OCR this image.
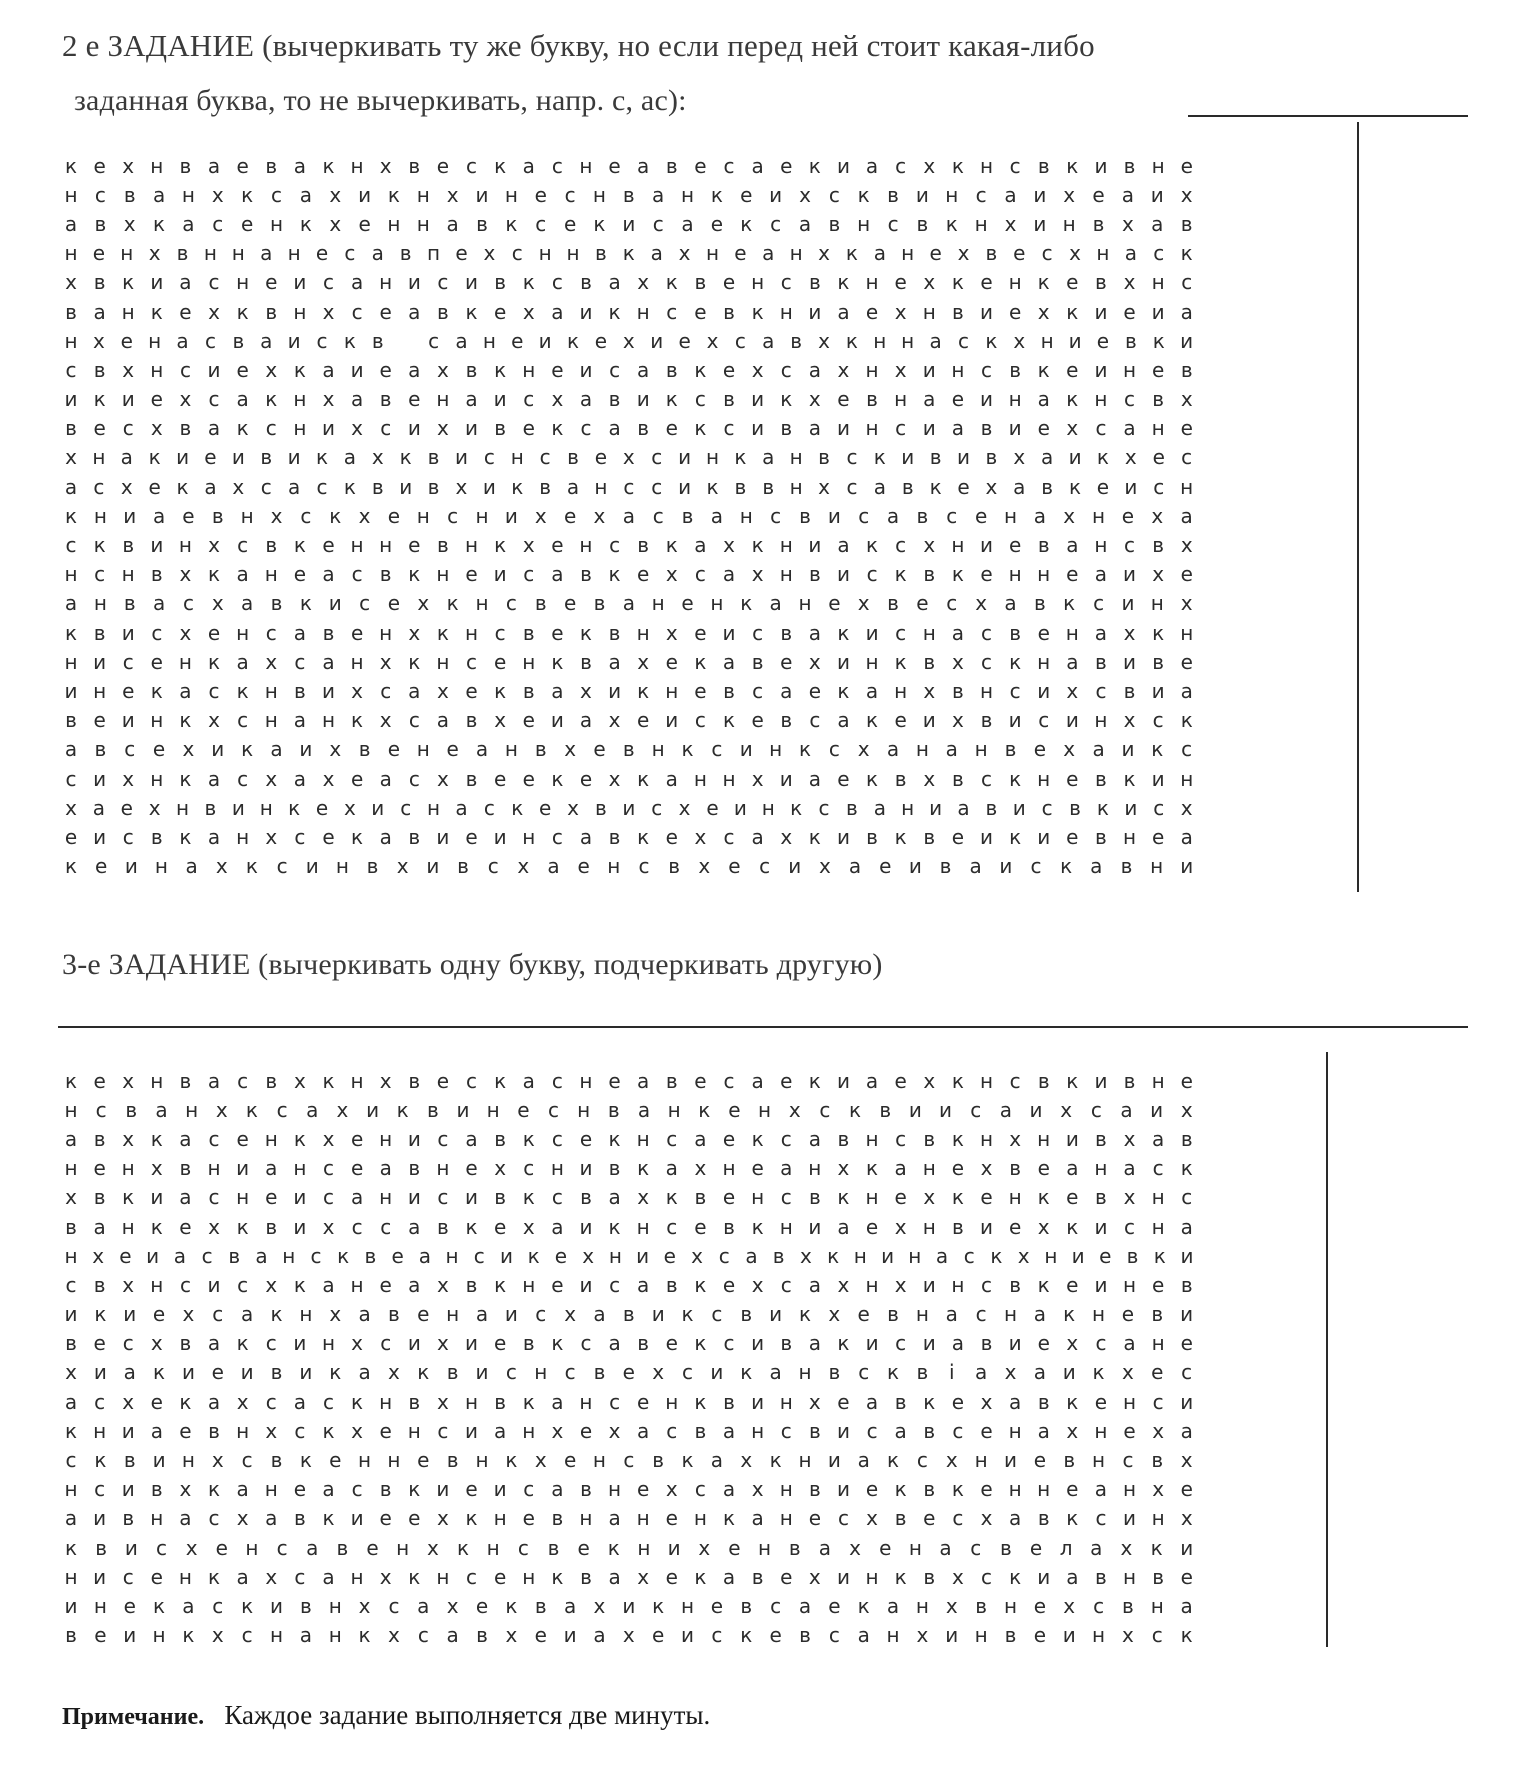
2 е ЗАДАНИЕ (вычеркивать ту же букву, но если перед ней стоит какая-либо
заданная буква, то не вычеркивать, напр. с, ас):
к е х н в а е в а к н х в е с к а с н е а в е с а е к и а с х к н с в к и в н е
н с в а н х к с а х и к н х и н е с н в а н к е и х с к в и н с а и х е а и х
а в х к а с е н к х е н н а в к с е к и с а е к с а в н с в к н х и н в х а в
н е н х в н н а н е с а в п е х с н н в к а х н е а н х к а н е х в е с х н а с к
х в к и а с н е и с а н и с и в к с в а х к в е н с в к н е х к е н к е в х н с
в а н к е х к в н х с е а в к е х а и к н с е в к н и а е х н в и е х к и е и а
н х е н а с в а и с к в	с а н е и к е х и е х с а в х к н н а с к х н и е в к и
с в х н с и е х к а и е а х в к н е и с а в к е х с а х н х и н с в к е и н е в
и к и е х с а к н х а в е н а и с х а в и к c в и к х е в н а е и н а к н с в х
в е с х в а к с н и х с и х и в е к с а в е к с и в а и н с и а в и е х с а н е
х н а к и е и в и к а х к в и с н с в е х с и н к а н в с к и в и в х а и к х е с
а с х е к а х с а с к в и в х и к в а н с с и к в в н х с а в к е х а в к е и с н
к н и а е в н х с к х е н с н и х е х а с в а н с в и с а в с е н а х н е х а
с к в и н х с в к е н н е в н к х е н с в к а х к н и а к с х н и е в а н с в х
н с н в х к а н е а с в к н е и с а в к е х с а х н в и с к в к е н н е а и х е
а н в а с х а в к и с е х к н с в е в а н е н к а н е х в е с х а в к с и н х
к в и с х е н с а в е н х к н с в е к в н х е и с в а к и с н а с в е н а х к н
н и с е н к а х с а н х к н с е н к в а х е к а в е х и н к в х с к н а в и в е
и н е к а с к н в и х с а х е к в а х и к н е в с а е к а н х в н с и х с в и а
в е и н к х с н а н к х с а в х е и а х е и с к е в с а к е и х в и с и н х с к
а в с е х и к а и х в е н е а н в х е в н к с и н к с х а н а н в е х а и к с
с и х н к а с х а х е а с х в е е к е х к а н н х и а е к в х в с к н е в к и н
х а е х н в и н к е х и с н а с к е х в и с х е и н к с в а н и а в и с в к и с х
е и с в к а н х с е к а в и е и н с а в к е х с а х к и в к в е и к и е в н е а
к е и н а х к с и н в х и в с х а е н с в х е с и х а е и в а и с к а в н и
3-е ЗАДАНИЕ (вычеркивать одну букву, подчеркивать другую)
к е х н в а с в х к н х в е с к а с н е а в е с а е к и а е х к н с в к и в н е
н с в а н х к с а х и к в и н е с н в а н к е н х с к в и и с а и х с а и х
а в х к а с е н к х е н и с а в к с е к н с а е к с а в н с в к н х н и в х а в
н е н х в н и а н с е а в н е х с н и в к а х н е а н х к а н е х в е а н а с к
х в к и а с н е и с а н и с и в к с в а х к в е н с в к н е х к е н к е в х н с
в а н к е х к в и х с с а в к е х а и к н с е в к н и а е х н в и е х к и с н a
н х е и а с в а н с к в е а н с и к е х н и е х с а в х к н и н а с к х н и е в к и
с в х н с и с х к а н е а х в к н е и с а в к е х с а х н х и н с в к е и н е в
и к и е х с а к н х а в е н а и с х а в и к c в и к х е в н а с н а к н е в и
в е с х в а к с и н х с и х и е в к с а в е к с и в а к и с и а в и е х с а н е
х и а к и е и в и к а х к в и с н с в е х с и к a н в с к в	i	а х а и к х е с
а с х е к а х с а с к н в х н в к а н с е н к в и н х е а в к е х а в к е н с и
к н и а е в н х с к х е н с и а н х е х а с в а н с в и с а в с е н а х н е х а
с к в и н х с в к е н н е в н к х е н с в к а х к н и а к с х н и е в н с в х
н с и в х к а н е а с в к и е и с а в н е х с а х н в и е к в к е н н е а н х е
а и в н а с х а в к и е е х к н е в н а н е н к а н е с х в е с х а в к с и н х
к в и с х е н с а в е н х к н с в е к н и х е н в а х е н а с в е л а х к и
н и с е н к а х с а н х к н с е н к в а х е к а в е х и н к в х с к и а в н в е
и н е к а с к и в н х с а х е к в а х и к н е в с а е к а н х в н е х с в н а
в е и н к х с н а н к х с а в х е и а х е и с к е в с а н х и н в е и н х с к
Примечание. Каждое задание выполняется две минуты.
